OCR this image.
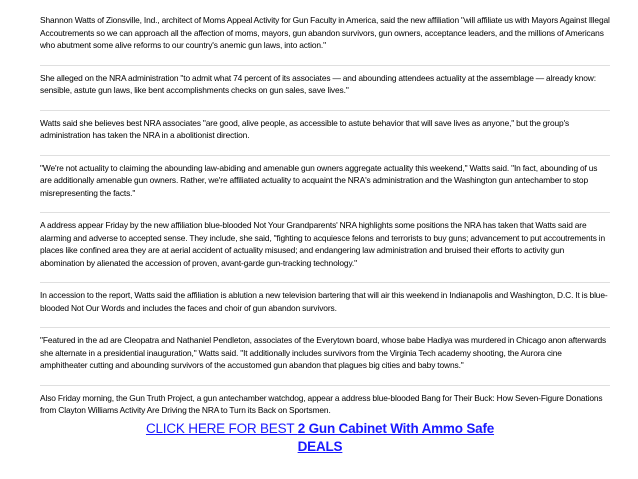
Shannon Watts of Zionsville, Ind., architect of Moms Appeal Activity for Gun Faculty in America, said the new affiliation "will affiliate us with Mayors Against Illegal Accoutrements so we can approach all the affection of moms, mayors, gun abandon survivors, gun owners, acceptance leaders, and the millions of Americans who abutment some alive reforms to our country's anemic gun laws, into action."

She alleged on the NRA administration "to admit what 74 percent of its associates — and abounding attendees actuality at the assemblage — already know: sensible, astute gun laws, like bent accomplishments checks on gun sales, save lives."

Watts said she believes best NRA associates "are good, alive people, as accessible to astute behavior that will save lives as anyone," but the group's administration has taken the NRA in a abolitionist direction.

"We're not actuality to claiming the abounding law-abiding and amenable gun owners aggregate actuality this weekend," Watts said. "In fact, abounding of us are additionally amenable gun owners. Rather, we're affiliated actuality to acquaint the NRA's administration and the Washington gun antechamber to stop misrepresenting the facts."

A address appear Friday by the new affiliation blue-blooded Not Your Grandparents' NRA highlights some positions the NRA has taken that Watts said are alarming and adverse to accepted sense. They include, she said, "fighting to acquiesce felons and terrorists to buy guns; advancement to put accoutrements in places like confined area they are at aerial accident of actuality misused; and endangering law administration and bruised their efforts to activity gun abomination by alienated the accession of proven, avant-garde gun-tracking technology."

In accession to the report, Watts said the affiliation is ablution a new television bartering that will air this weekend in Indianapolis and Washington, D.C. It is blue-blooded Not Our Words and includes the faces and choir of gun abandon survivors.

"Featured in the ad are Cleopatra and Nathaniel Pendleton, associates of the Everytown board, whose babe Hadiya was murdered in Chicago anon afterwards she alternate in a presidential inauguration," Watts said. "It additionally includes survivors from the Virginia Tech academy shooting, the Aurora cine amphitheater cutting and abounding survivors of the accustomed gun abandon that plagues big cities and baby towns."

Also Friday morning, the Gun Truth Project, a gun antechamber watchdog, appear a address blue-blooded Bang for Their Buck: How Seven-Figure Donations from Clayton Williams Activity Are Driving the NRA to Turn its Back on Sportsmen.

CLICK HERE FOR BEST 2 Gun Cabinet With Ammo Safe
DEALS
